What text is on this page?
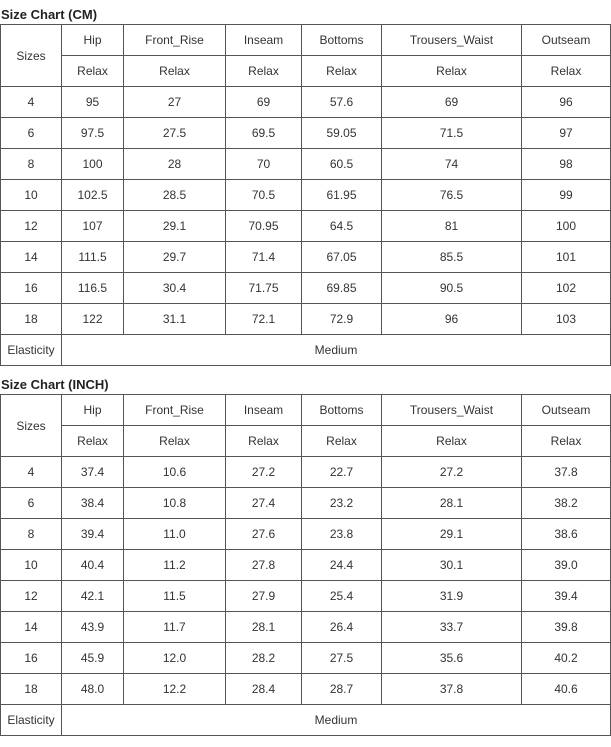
Size Chart (CM)
Sizes	Hip	Front_Rise	Inseam	Bottoms	Trousers_Waist	Outseam
	Relax	Relax	Relax	Relax	Relax	Relax
4	95	27	69	57.6	69	96
6	97.5	27.5	69.5	59.05	71.5	97
8	100	28	70	60.5	74	98
10	102.5	28.5	70.5	61.95	76.5	99
12	107	29.1	70.95	64.5	81	100
14	111.5	29.7	71.4	67.05	85.5	101
16	116.5	30.4	71.75	69.85	90.5	102
18	122	31.1	72.1	72.9	96	103
Elasticity	Medium					
Size Chart (INCH)
Sizes	Hip	Front_Rise	Inseam	Bottoms	Trousers_Waist	Outseam
	Relax	Relax	Relax	Relax	Relax	Relax
4	37.4	10.6	27.2	22.7	27.2	37.8
6	38.4	10.8	27.4	23.2	28.1	38.2
8	39.4	11.0	27.6	23.8	29.1	38.6
10	40.4	11.2	27.8	24.4	30.1	39.0
12	42.1	11.5	27.9	25.4	31.9	39.4
14	43.9	11.7	28.1	26.4	33.7	39.8
16	45.9	12.0	28.2	27.5	35.6	40.2
18	48.0	12.2	28.4	28.7	37.8	40.6
Elasticity	Medium					
